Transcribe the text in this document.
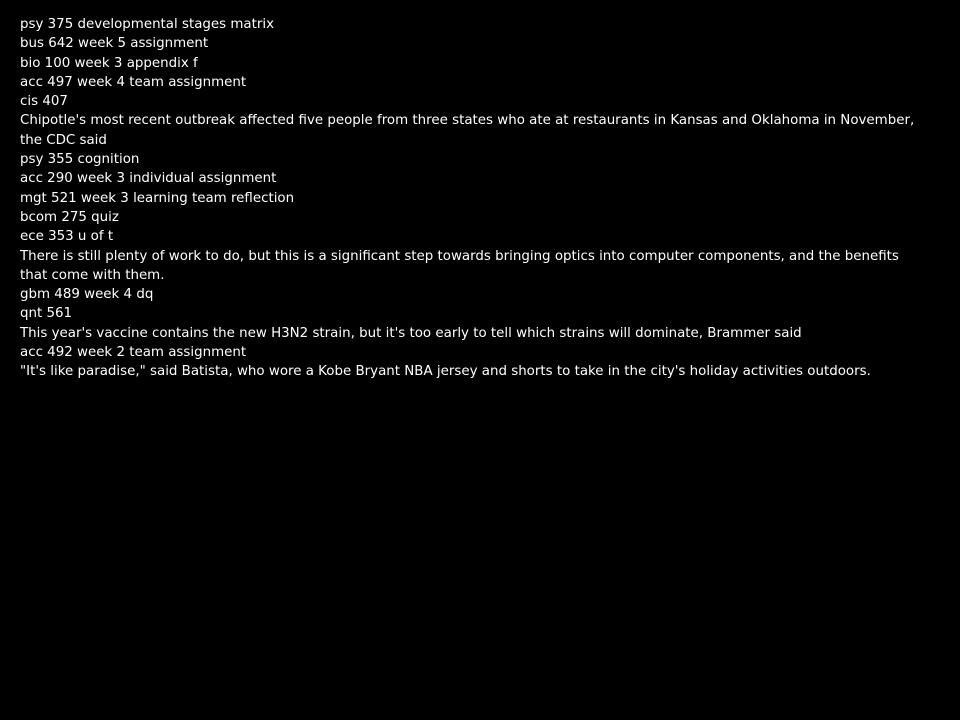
psy 375 developmental stages matrix
bus 642 week 5 assignment
bio 100 week 3 appendix f
acc 497 week 4 team assignment
cis 407
Chipotle's most recent outbreak affected five people from three states who ate at restaurants in Kansas and Oklahoma in November, the CDC said
psy 355 cognition
acc 290 week 3 individual assignment
mgt 521 week 3 learning team reflection
bcom 275 quiz
ece 353 u of t
There is still plenty of work to do, but this is a significant step towards bringing optics into computer components, and the benefits that come with them.
gbm 489 week 4 dq
qnt 561
This year's vaccine contains the new H3N2 strain, but it's too early to tell which strains will dominate, Brammer said
acc 492 week 2 team assignment
"It's like paradise," said Batista, who wore a Kobe Bryant NBA jersey and shorts to take in the city's holiday activities outdoors.
